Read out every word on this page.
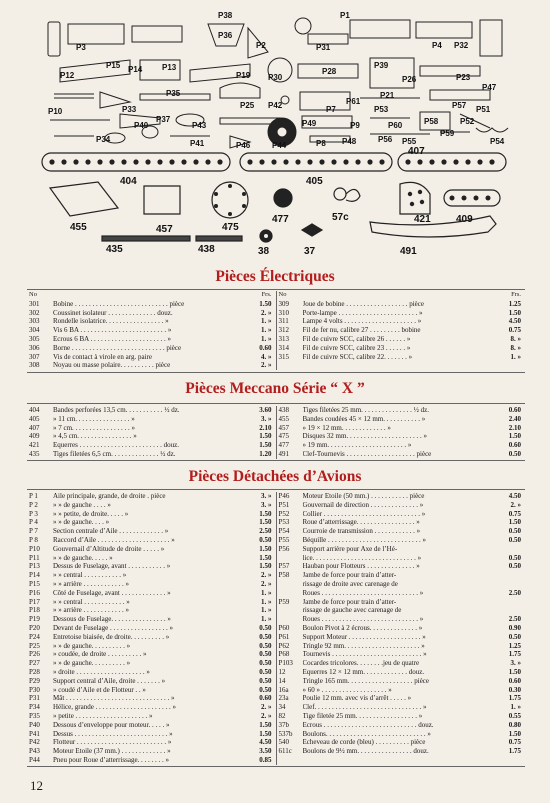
P3
P38
P36
P2
P1
P4
P31	P32
P15
P12
P14 P13
P19 P30
P28
P39
P21
P26	P23
P35
P33	P42
P34
P40
P37
P43
P10
P25
P46
P49
P7
P61
P8
P57
P9	P60	P58
P59
P51
P52
P53
P54
P55
P56
P48
P41
P47
P44
404	405
407
455	457	475
477	57c	421	409
435	438	38	37	491
Pièces Électriques
No	Frs.
301	Bobine . . . . . . . . . . . . . . . . . . . . . . . . . . . pièce	1.50
302	Coussinet isolateur . . . . . . . . . . . . . . douz.	2. »
303	Rondelle isolatrice. . . . . . . . . . . . . . . . . »	1. »
304	Vis 6 BA . . . . . . . . . . . . . . . . . . . . . . . . . »	1. »
305	Ecrous 6 BA . . . . . . . . . . . . . . . . . . . . . . »	1. »
306	Borne . . . . . . . . . . . . . . . . . . . . . . . . . . . pièce	0.60
307	Vis de contact à virole en arg. paire	4. »
308	Noyau ou masse polaire. . . . . . . . . . pièce	2. »
No	Frs.
309	Joue de bobine . . . . . . . . . . . . . . . . . . pièce	1.25
310	Porte-lampe . . . . . . . . . . . . . . . . . . . . . . . »	1.50
311	Lampe 4 volts . . . . . . . . . . . . . . . . . . . . . »	4.50
312	Fil de fer nu, calibre 27 . . . . . . . . . bobine	0.75
313	Fil de cuivre SCC, calibre 26 . . . . . . »	8. »
314	Fil de cuivre SCC, calibre 23 . . . . . . »	8. »
315	Fil de cuivre SCC, calibre 22. . . . . . . »	1. »
Pièces Meccano Série “ X ”
404	Bandes perforées 13,5 cm. . . . . . . . . . . ½ dz.	3.60
405	» 11 cm. . . . . . . . . . . . . . . . »	3. »
407	» 7 cm. . . . . . . . . . . . . . . . . »	2.10
409	» 4,5 cm. . . . . . . . . . . . . . . . »	1.50
421	Equerres . . . . . . . . . . . . . . . . . . . . . . . . douz.	1.50
435	Tiges filetées 6,5 cm. . . . . . . . . . . . . . ½ dz.	1.20
438	Tiges filetées 25 mm. . . . . . . . . . . . . . . ½ dz.	0.60
455	Bandes coudées 45 × 12 mm. . . . . . . . . . . »	2.40
457	» 19 × 12 mm. . . . . . . . . . . . . »	2.10
475	Disques 32 mm. . . . . . . . . . . . . . . . . . . . . . »	1.50
477	» 19 mm. . . . . . . . . . . . . . . . . . . . . . . »	0.60
491	Clef-Tournevis . . . . . . . . . . . . . . . . . . . . pièce	0.50
Pièces Détachées d’Avions
P 1	Aile principale, grande, de droite . pièce	3. »
P 2	» » de gauche . . . . »	3. »
P 3	» » petite, de droite. . . . . »	1.50
P 4	» » de gauche. . . . »	1.50
P 7	Section centrale d’Aile . . . . . . . . . . . . . »	2.50
P 8	Raccord d’Aile . . . . . . . . . . . . . . . . . . . . . »	0.50
P10	Gouvernail d’Altitude de droite . . . . . »	1.50
P11	» » de gauche. . . . . »	1.50
P13	Dessus de Fuselage, avant . . . . . . . . . . . »	1.50
P14	» » central . . . . . . . . . . . »	2. »
P15	» » arrière . . . . . . . . . . . . »	2. »
P16	Côté de Fuselage, avant . . . . . . . . . . . . . »	1. »
P17	» » central . . . . . . . . . . . . »	1. »
P18	» » arrière . . . . . . . . . . . . »	1. »
P19	Dessous de Fuselage. . . . . . . . . . . . . . . . »	1. »
P20	Devant de Fuselage . . . . . . . . . . . . . . . . . »	0.50
P24	Entretoise biaisée, de droite. . . . . . . . . . »	0.50
P25	» » de gauche. . . . . . . . . . »	0.50
P26	» coudée, de droite . . . . . . . . . . »	0.50
P27	» » de gauche. . . . . . . . . . »	0.50
P28	» droite . . . . . . . . . . . . . . . . . . . . »	0.50
P29	Support central d’Aile, droite . . . . . . . »	0.50
P30	» coudé d’Aile et de Flotteur . . »	0.50
P31	Mât . . . . . . . . . . . . . . . . . . . . . . . . . . . . . . »	0.60
P34	Hélice, grande . . . . . . . . . . . . . . . . . . . . . . »	2. »
P35	» petite . . . . . . . . . . . . . . . . . . . . . »	2. »
P40	Dessous d’enveloppe pour moteur. . . . . »	1.50
P41	Dessus . . . . . . . . . . . . . . . . . . . . . . . . . . . »	1.50
P42	Flotteur . . . . . . . . . . . . . . . . . . . . . . . . . . »	4.50
P43	Moteur Etoile (37 mm.) . . . . . . . . . . . . . »	3.50
P44	Pneu pour Roue d’atterrissage. . . . . . . . »	0.85
P46	Moteur Etoile (50 mm.) . . . . . . . . . . . pièce	4.50
P51	Gouvernail de direction . . . . . . . . . . . . . . »	2. »
P52	Collier . . . . . . . . . . . . . . . . . . . . . . . . . . . . »	0.75
P53	Roue d’atterrissage. . . . . . . . . . . . . . . . . »	1.50
P54	Courroie de transmission . . . . . . . . . . . . »	0.50
P55	Béquille . . . . . . . . . . . . . . . . . . . . . . . . . . . »	0.50
P56	Support arrière pour Axe de l’Hé-
lice. . . . . . . . . . . . . . . . . . . . . . . . . . . . . . »	0.50
P57	Hauban pour Flotteurs . . . . . . . . . . . . . . »	0.50
P58	Jambe de force pour train d’atter-
rissage de droite avec carenage de
Roues . . . . . . . . . . . . . . . . . . . . . . . . . . . . »	2.50
P59	Jambe de force pour train d’atter-
rissage de gauche avec carenage de
Roues . . . . . . . . . . . . . . . . . . . . . . . . . . . . »	2.50
P60	Boulon Pivot à 2 écrous. . . . . . . . . . . . . . »	0.90
P61	Support Moteur . . . . . . . . . . . . . . . . . . . . . »	0.50
P62	Tringle 92 mm. . . . . . . . . . . . . . . . . . . . . . »	1.25
P68	Tournevis . . . . . . . . . . . . . . . . . . . . . . . . . . »	1.75
P103	Cocardes tricolores. . . . . . . .jeu de quatre	3. »
12	Equerres 12 × 12 mm. . . . . . . . . . . . . douz.	1.50
14	Tringle 165 mm. . . . . . . . . . . . . . . . . . . pièce	0.60
16a	» 60 » . . . . . . . . . . . . . . . . . . . »	0.30
23a	Poulie 12 mm. avec vis d’arrêt . . . . . »	1.75
34	Clef. . . . . . . . . . . . . . . . . . . . . . . . . . . . . . . »	1. »
82	Tige filetée 25 mm. . . . . . . . . . . . . . . . . . »	0.55
37b	Ecrous . . . . . . . . . . . . . . . . . . . . . . . . . . . douz.	0.80
537b	Boulons. . . . . . . . . . . . . . . . . . . . . . . . . . . . . »	1.50
540	Echeveau de corde (bleu) . . . . . . . . . . pièce	0.75
611c	Boulons de 9½ mm. . . . . . . . . . . . . . . . douz.	1.75
12
